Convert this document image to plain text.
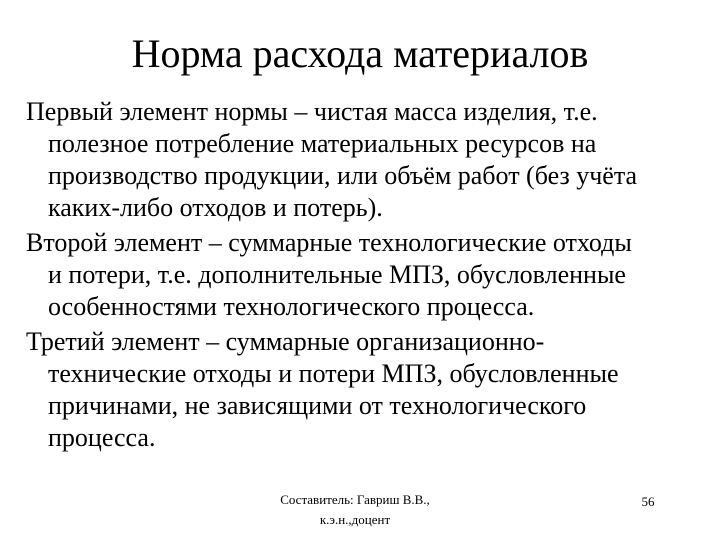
Норма расхода материалов
Первый элемент нормы – чистая масса изделия, т.е.
полезное потребление материальных ресурсов на
производство продукции, или объём работ (без учёта
каких-либо отходов и потерь).
Второй элемент – суммарные технологические отходы
и потери, т.е. дополнительные МПЗ, обусловленные
особенностями технологического процесса.
Третий элемент – суммарные организационно-
технические отходы и потери МПЗ, обусловленные
причинами, не зависящими от технологического
процесса.
Составитель: Гавриш В.В.,
к.э.н.,доцент
56
